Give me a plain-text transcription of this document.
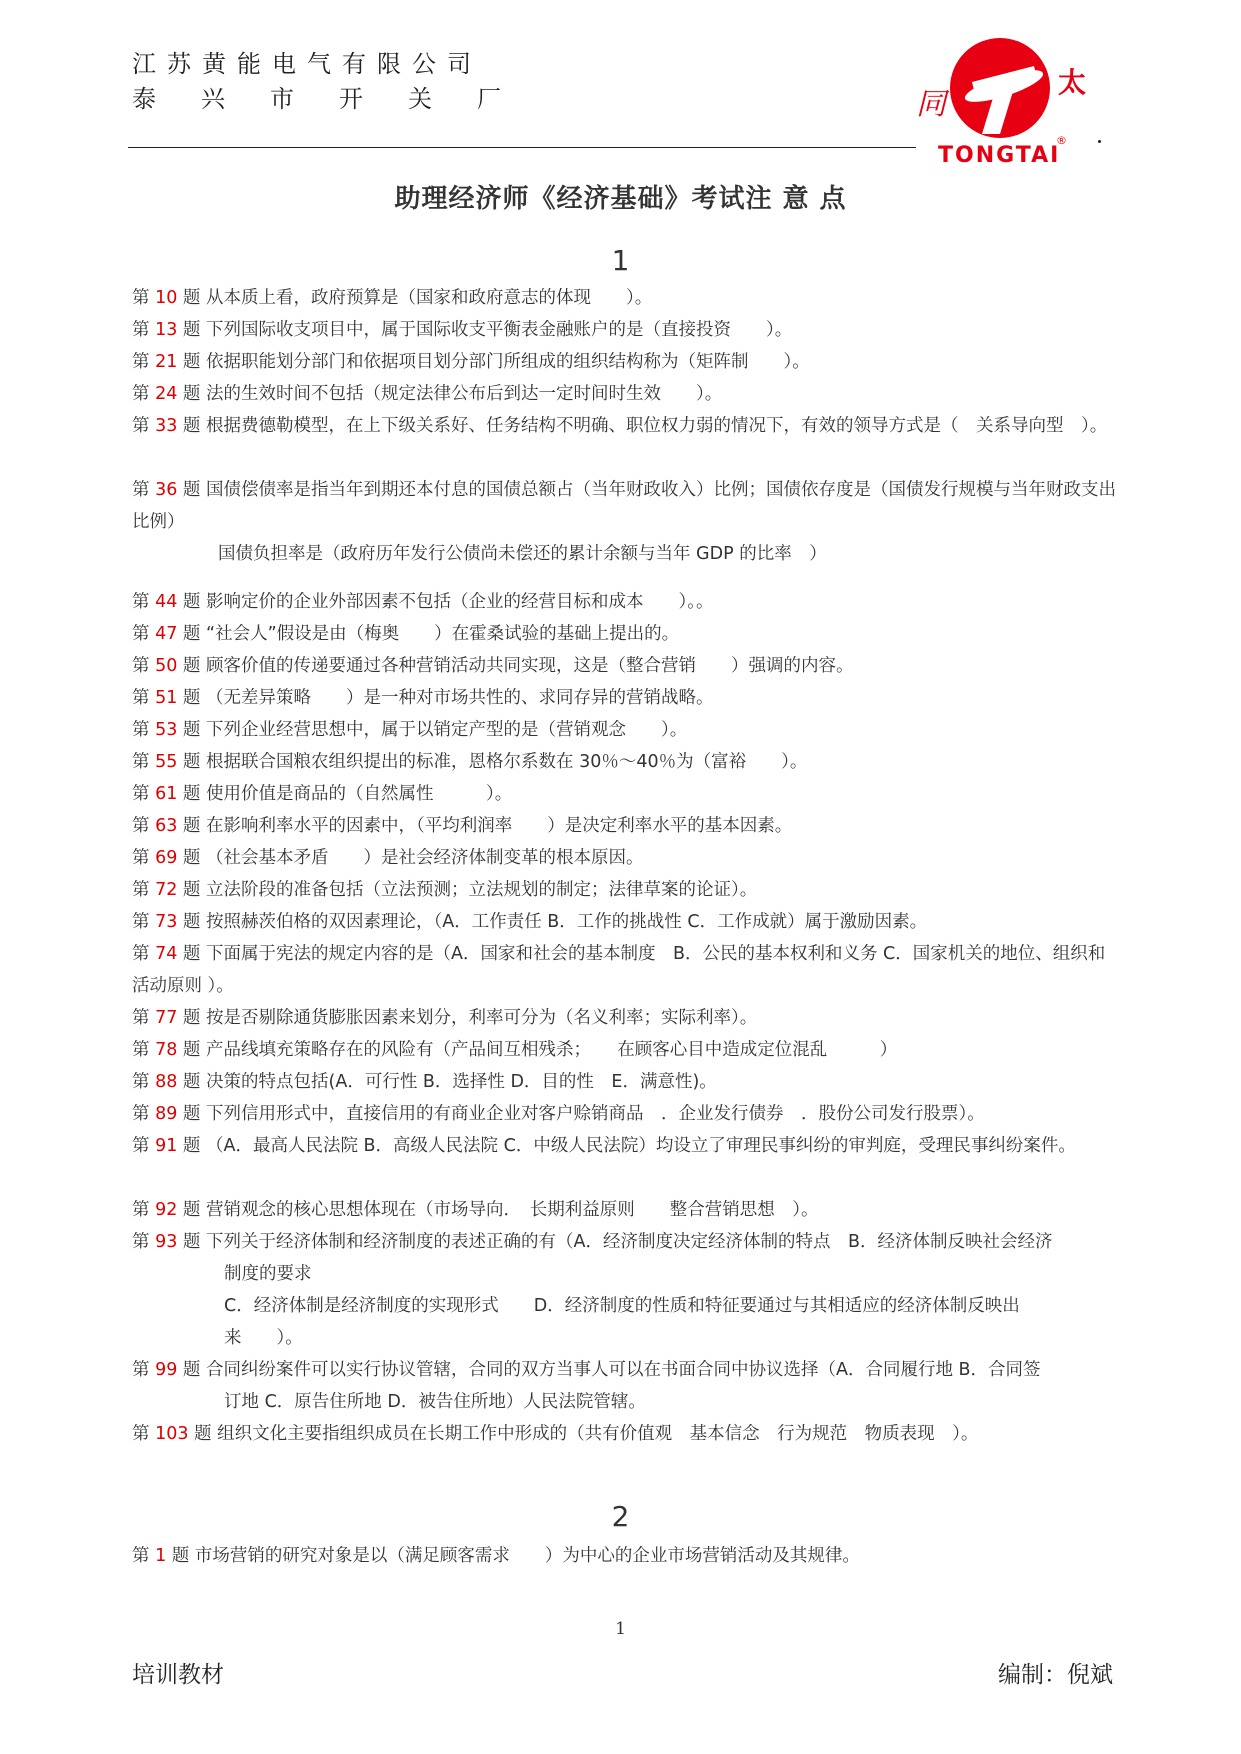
江苏黄能电气有限公司
泰兴市开关厂	同
太
TONGTAI
®
助理经济师《经济基础》考试注 意 点
1
2
第 10 题 从本质上看，政府预算是（国家和政府意志的体现　　）。
第 13 题 下列国际收支项目中，属于国际收支平衡表金融账户的是（直接投资　　）。
第 21 题 依据职能划分部门和依据项目划分部门所组成的组织结构称为（矩阵制　　）。
第 24 题 法的生效时间不包括（规定法律公布后到达一定时间时生效　　）。
第 33 题 根据费德勒模型，在上下级关系好、任务结构不明确、职位权力弱的情况下，有效的领导方式是（　关系导向型　）。
第 36 题 国债偿债率是指当年到期还本付息的国债总额占（当年财政收入）比例；国债依存度是（国债发行规模与当年财政支出比例）
国债负担率是（政府历年发行公债尚未偿还的累计余额与当年 GDP 的比率　）
第 44 题 影响定价的企业外部因素不包括（企业的经营目标和成本　　）。。
第 47 题 “社会人”假设是由（梅奥　　）在霍桑试验的基础上提出的。
第 50 题 顾客价值的传递要通过各种营销活动共同实现，这是（整合营销　　）强调的内容。
第 51 题 （无差异策略　　）是一种对市场共性的、求同存异的营销战略。
第 53 题 下列企业经营思想中，属于以销定产型的是（营销观念　　）。
第 55 题 根据联合国粮农组织提出的标准，恩格尔系数在 30％～40％为（富裕　　）。
第 61 题 使用价值是商品的（自然属性　　　）。
第 63 题 在影响利率水平的因素中，（平均利润率　　）是决定利率水平的基本因素。
第 69 题 （社会基本矛盾　　）是社会经济体制变革的根本原因。
第 72 题 立法阶段的准备包括（立法预测；立法规划的制定；法律草案的论证）。
第 73 题 按照赫茨伯格的双因素理论，（A．工作责任 B．工作的挑战性 C．工作成就）属于激励因素。
第 74 题 下面属于宪法的规定内容的是（A．国家和社会的基本制度　B．公民的基本权利和义务 C．国家机关的地位、组织和活动原则 ）。
第 77 题 按是否剔除通货膨胀因素来划分，利率可分为（名义利率；实际利率）。
第 78 题 产品线填充策略存在的风险有（产品间互相残杀；　　在顾客心目中造成定位混乱　　　）
第 88 题 决策的特点包括(A．可行性 B．选择性 D．目的性　E．满意性)。
第 89 题 下列信用形式中，直接信用的有商业企业对客户赊销商品　．企业发行债券　．股份公司发行股票）。
第 91 题 （A．最高人民法院 B．高级人民法院 C．中级人民法院）均设立了审理民事纠纷的审判庭，受理民事纠纷案件。
第 92 题 营销观念的核心思想体现在（市场导向．　长期利益原则　　整合营销思想　）。
第 93 题 下列关于经济体制和经济制度的表述正确的有（A．经济制度决定经济体制的特点　B．经济体制反映社会经济
制度的要求
C．经济体制是经济制度的实现形式　　D．经济制度的性质和特征要通过与其相适应的经济体制反映出
来　　）。
第 99 题 合同纠纷案件可以实行协议管辖，合同的双方当事人可以在书面合同中协议选择（A．合同履行地 B．合同签
订地 C．原告住所地 D．被告住所地）人民法院管辖。
第 103 题 组织文化主要指组织成员在长期工作中形成的（共有价值观　基本信念　行为规范　物质表现　）。
第 1 题 市场营销的研究对象是以（满足顾客需求　　）为中心的企业市场营销活动及其规律。
1
培训教材	编制：倪斌
